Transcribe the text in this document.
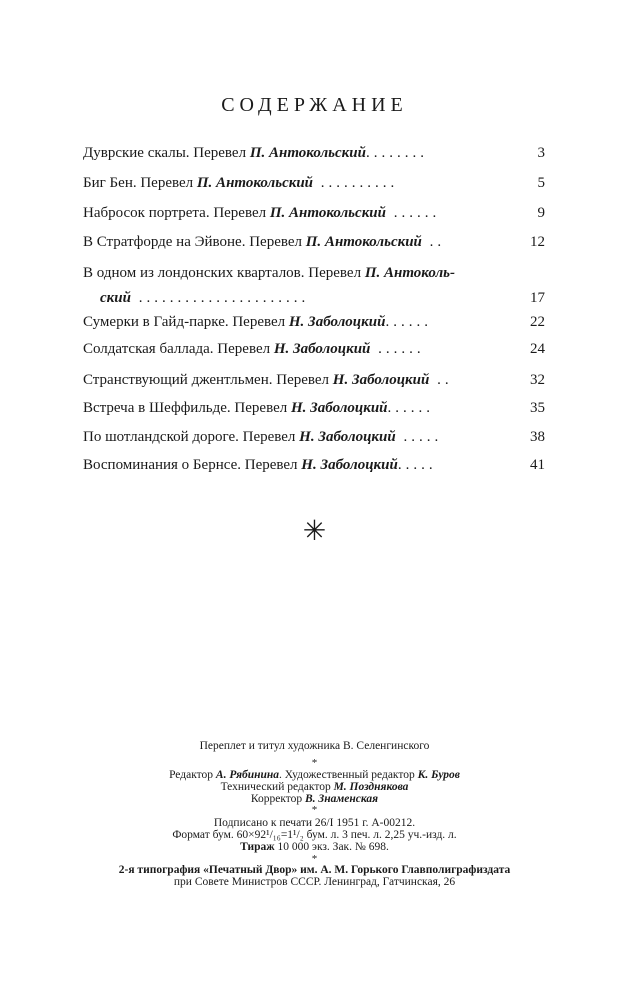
СОДЕРЖАНИЕ
Дуврские скалы. Перевел П. Антокольский........	3
Биг Бен. Перевел П. Антокольский ..........	5
Набросок портрета. Перевел П. Антокольский ......	9
В Стратфорде на Эйвоне. Перевел П. Антокольский ..	12
В одном из лондонских кварталов. Перевел П. Антоколь-
ский ......................	17
Сумерки в Гайд-парке. Перевел Н. Заболоцкий......	22
Солдатская баллада. Перевел Н. Заболоцкий ......	24
Странствующий джентльмен. Перевел Н. Заболоцкий ..	32
Встреча в Шеффильде. Перевел Н. Заболоцкий......	35
По шотландской дороге. Перевел Н. Заболоцкий .....	38
Воспоминания о Бернсе. Перевел Н. Заболоцкий.....	41
✳
Переплет и титул художника В. Селенгинского
*
Редактор А. Рябинина. Художественный редактор К. Буров
Технический редактор М. Позднякова
Корректор В. Знаменская
*
Подписано к печати 26/I 1951 г. А-00212.
Формат бум. 60×92¹/₁₆=1¹/₂ бум. л. 3 печ. л. 2,25 уч.-изд. л.
Тираж 10 000 экз. Зак. № 698.
*
2-я типография «Печатный Двор» им. А. М. Горького Главполиграфиздата
при Совете Министров СССР. Ленинград, Гатчинская, 26
